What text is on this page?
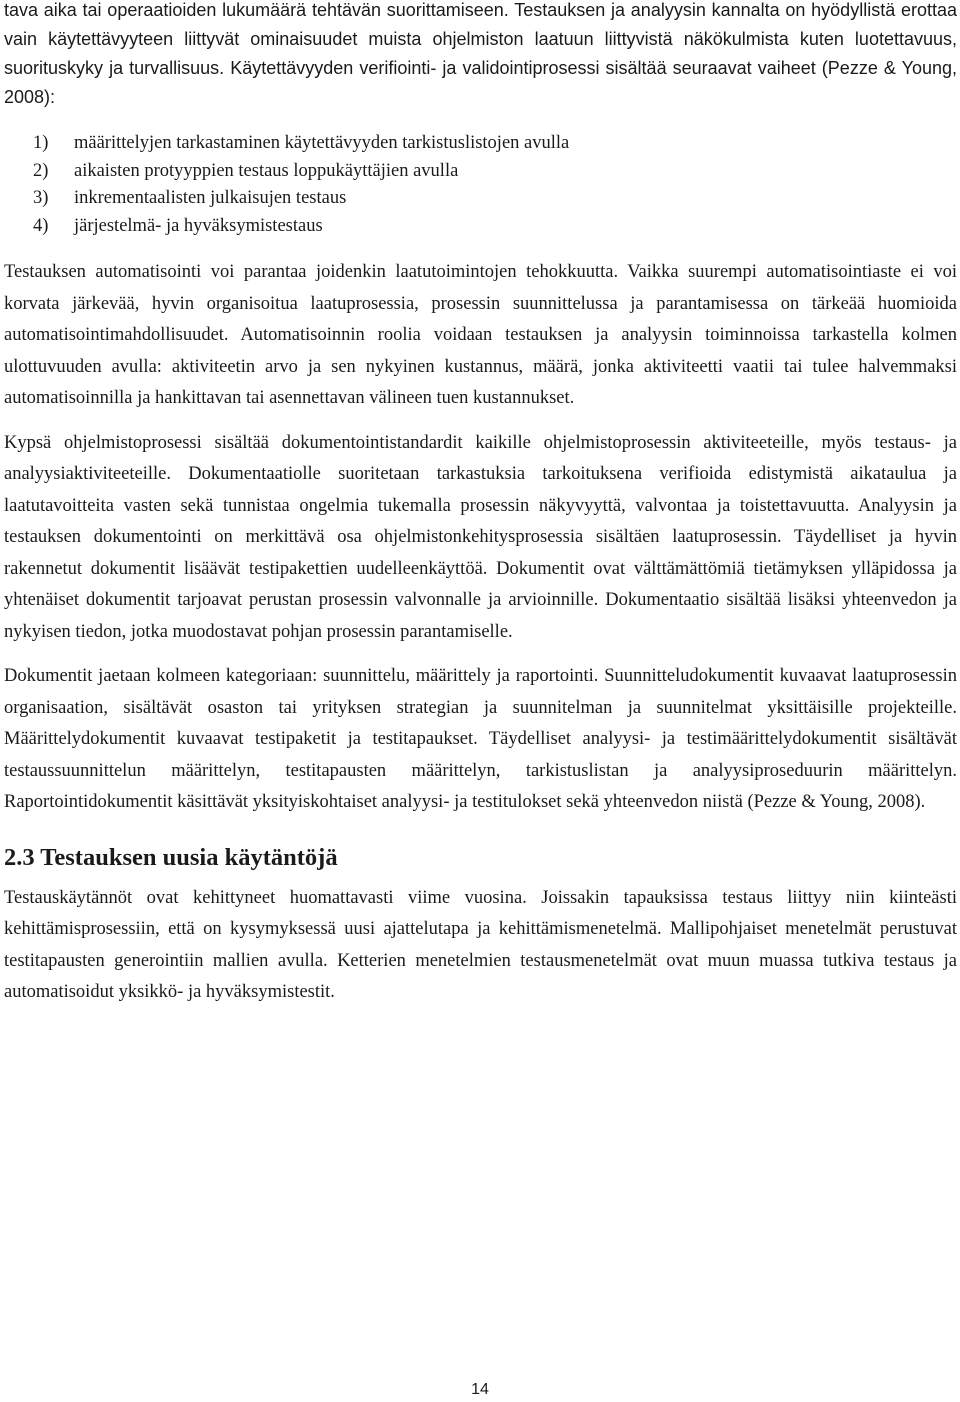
tava aika tai operaatioiden lukumäärä tehtävän suorittamiseen. Testauksen ja analyysin kannalta on hyödyllistä erottaa vain käytettävyyteen liittyvät ominaisuudet muista ohjelmiston laatuun liittyvistä näkökulmista kuten luotettavuus, suorituskyky ja turvallisuus. Käytettävyyden verifiointi- ja validointiprosessi sisältää seuraavat vaiheet (Pezze & Young, 2008):

1)	määrittelyjen tarkastaminen käytettävyyden tarkistuslistojen avulla
2)	aikaisten protyyppien testaus loppukäyttäjien avulla
3)	inkrementaalisten julkaisujen testaus
4)	järjestelmä- ja hyväksymistestaus

Testauksen automatisointi voi parantaa joidenkin laatutoimintojen tehokkuutta. Vaikka suurempi automatisointiaste ei voi korvata järkevää, hyvin organisoitua laatuprosessia, prosessin suunnittelussa ja parantamisessa on tärkeää huomioida automatisointimahdollisuudet. Automatisoinnin roolia voidaan testauksen ja analyysin toiminnoissa tarkastella kolmen ulottuvuuden avulla: aktiviteetin arvo ja sen nykyinen kustannus, määrä, jonka aktiviteetti vaatii tai tulee halvemmaksi automatisoinnilla ja hankittavan tai asennettavan välineen tuen kustannukset.

Kypsä ohjelmistoprosessi sisältää dokumentointistandardit kaikille ohjelmistoprosessin aktiviteeteille, myös testaus- ja analyysiaktiviteeteille. Dokumentaatiolle suoritetaan tarkastuksia tarkoituksena verifioida edistymistä aikataulua ja laatutavoitteita vasten sekä tunnistaa ongelmia tukemalla prosessin näkyvyyttä, valvontaa ja toistettavuutta. Analyysin ja testauksen dokumentointi on merkittävä osa ohjelmistonkehitysprosessia sisältäen laatuprosessin. Täydelliset ja hyvin rakennetut dokumentit lisäävät testipakettien uudelleenkäyttöä. Dokumentit ovat välttämättömiä tietämyksen ylläpidossa ja yhtenäiset dokumentit tarjoavat perustan prosessin valvonnalle ja arvioinnille. Dokumentaatio sisältää lisäksi yhteenvedon ja nykyisen tiedon, jotka muodostavat pohjan prosessin parantamiselle.

Dokumentit jaetaan kolmeen kategoriaan: suunnittelu, määrittely ja raportointi. Suunnitteludokumentit kuvaavat laatuprosessin organisaation, sisältävät osaston tai yrityksen strategian ja suunnitelman ja suunnitelmat yksittäisille projekteille. Määrittelydokumentit kuvaavat testipaketit ja testitapaukset. Täydelliset analyysi- ja testimäärittelydokumentit sisältävät testaussuunnittelun määrittelyn, testitapausten määrittelyn, tarkistuslistan ja analyysiproseduurin määrittelyn. Raportointidokumentit käsittävät yksityiskohtaiset analyysi- ja testitulokset sekä yhteenvedon niistä (Pezze & Young, 2008).

2.3 Testauksen uusia käytäntöjä

Testauskäytännöt ovat kehittyneet huomattavasti viime vuosina. Joissakin tapauksissa testaus liittyy niin kiinteästi kehittämisprosessiin, että on kysymyksessä uusi ajattelutapa ja kehittämismenetelmä. Mallipohjaiset menetelmät perustuvat testitapausten generointiin mallien avulla. Ketterien menetelmien testausmenetelmät ovat muun muassa tutkiva testaus ja automatisoidut yksikkö- ja hyväksymistestit.

14
